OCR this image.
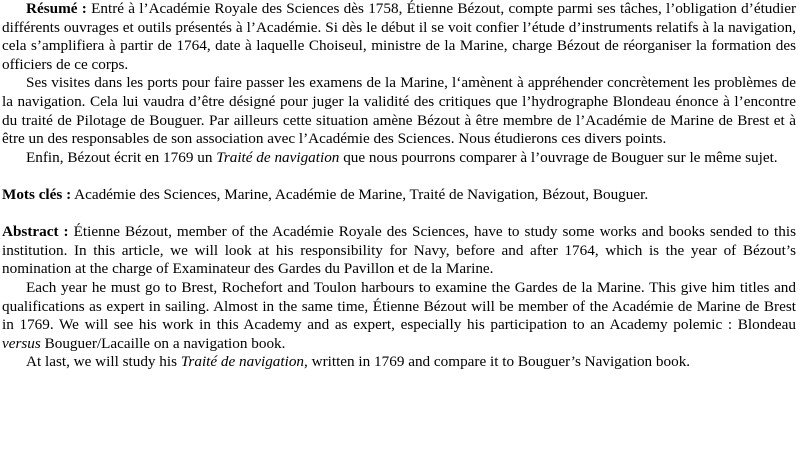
Résumé : Entré à l’Académie Royale des Sciences dès 1758, Étienne Bézout, compte parmi ses tâches, l’obligation d’étudier différents ouvrages et outils présentés à l’Académie. Si dès le début il se voit confier l’étude d’instruments relatifs à la navigation, cela s’amplifiera à partir de 1764, date à laquelle Choiseul, ministre de la Marine, charge Bézout de réorganiser la formation des officiers de ce corps.

Ses visites dans les ports pour faire passer les examens de la Marine, l‘amènent à appréhender concrètement les problèmes de la navigation. Cela lui vaudra d’être désigné pour juger la validité des critiques que l’hydrographe Blondeau énonce à l’encontre du traité de Pilotage de Bouguer. Par ailleurs cette situation amène Bézout à être membre de l’Académie de Marine de Brest et à être un des responsables de son association avec l’Académie des Sciences. Nous étudierons ces divers points.

Enfin, Bézout écrit en 1769 un Traité de navigation que nous pourrons comparer à l’ouvrage de Bouguer sur le même sujet.

Mots clés : Académie des Sciences, Marine, Académie de Marine, Traité de Navigation, Bézout, Bouguer.

Abstract : Étienne Bézout, member of the Académie Royale des Sciences, have to study some works and books sended to this institution. In this article, we will look at his responsibility for Navy, before and after 1764, which is the year of Bézout’s nomination at the charge of Examinateur des Gardes du Pavillon et de la Marine.

Each year he must go to Brest, Rochefort and Toulon harbours to examine the Gardes de la Marine. This give him titles and qualifications as expert in sailing. Almost in the same time, Étienne Bézout will be member of the Académie de Marine de Brest in 1769. We will see his work in this Academy and as expert, especially his participation to an Academy polemic : Blondeau versus Bouguer/Lacaille on a navigation book.

At last, we will study his Traité de navigation, written in 1769 and compare it to Bouguer’s Navigation book.
